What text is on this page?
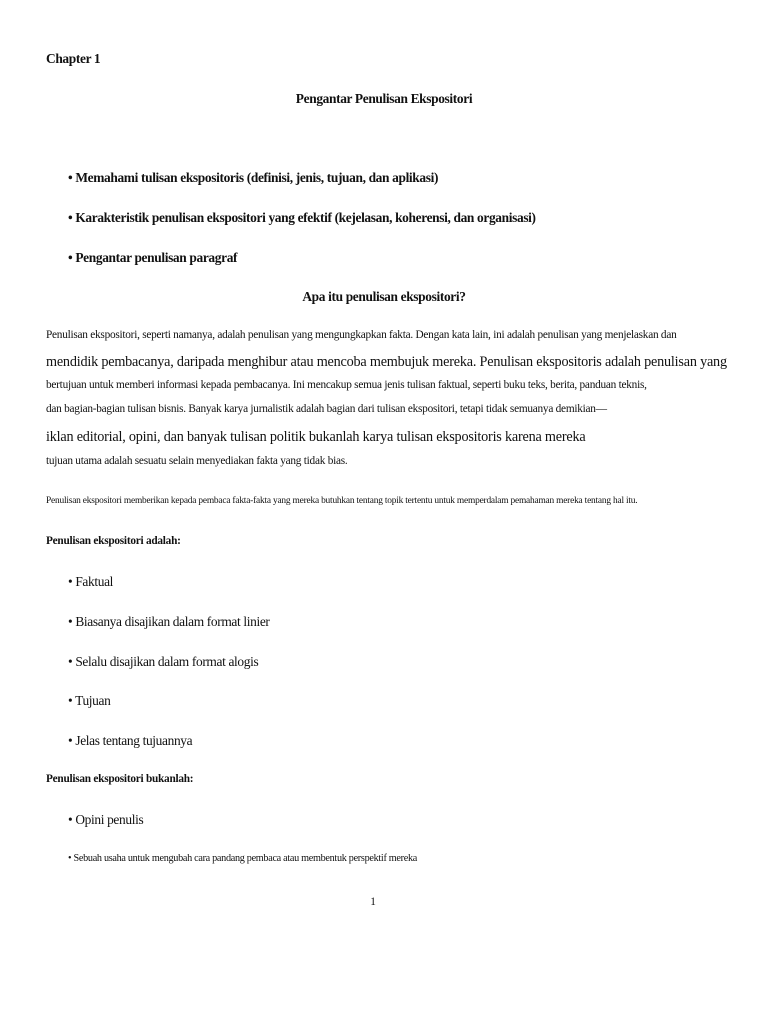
Chapter 1

Pengantar Penulisan Ekspositori

• Memahami tulisan ekspositoris (definisi, jenis, tujuan, dan aplikasi)

• Karakteristik penulisan ekspositori yang efektif (kejelasan, koherensi, dan organisasi)

• Pengantar penulisan paragraf

Apa itu penulisan ekspositori?

Penulisan ekspositori, seperti namanya, adalah penulisan yang mengungkapkan fakta. Dengan kata lain, ini adalah penulisan yang menjelaskan dan

mendidik pembacanya, daripada menghibur atau mencoba membujuk mereka. Penulisan ekspositoris adalah penulisan yang

bertujuan untuk memberi informasi kepada pembacanya. Ini mencakup semua jenis tulisan faktual, seperti buku teks, berita, panduan teknis,

dan bagian-bagian tulisan bisnis. Banyak karya jurnalistik adalah bagian dari tulisan ekspositori, tetapi tidak semuanya demikian—

iklan editorial, opini, dan banyak tulisan politik bukanlah karya tulisan ekspositoris karena mereka

tujuan utama adalah sesuatu selain menyediakan fakta yang tidak bias.

Penulisan ekspositori memberikan kepada pembaca fakta-fakta yang mereka butuhkan tentang topik tertentu untuk memperdalam pemahaman mereka tentang hal itu.

Penulisan ekspositori adalah:

• Faktual

• Biasanya disajikan dalam format linier

• Selalu disajikan dalam format alogis

• Tujuan

• Jelas tentang tujuannya

Penulisan ekspositori bukanlah:

• Opini penulis

• Sebuah usaha untuk mengubah cara pandang pembaca atau membentuk perspektif mereka

1
